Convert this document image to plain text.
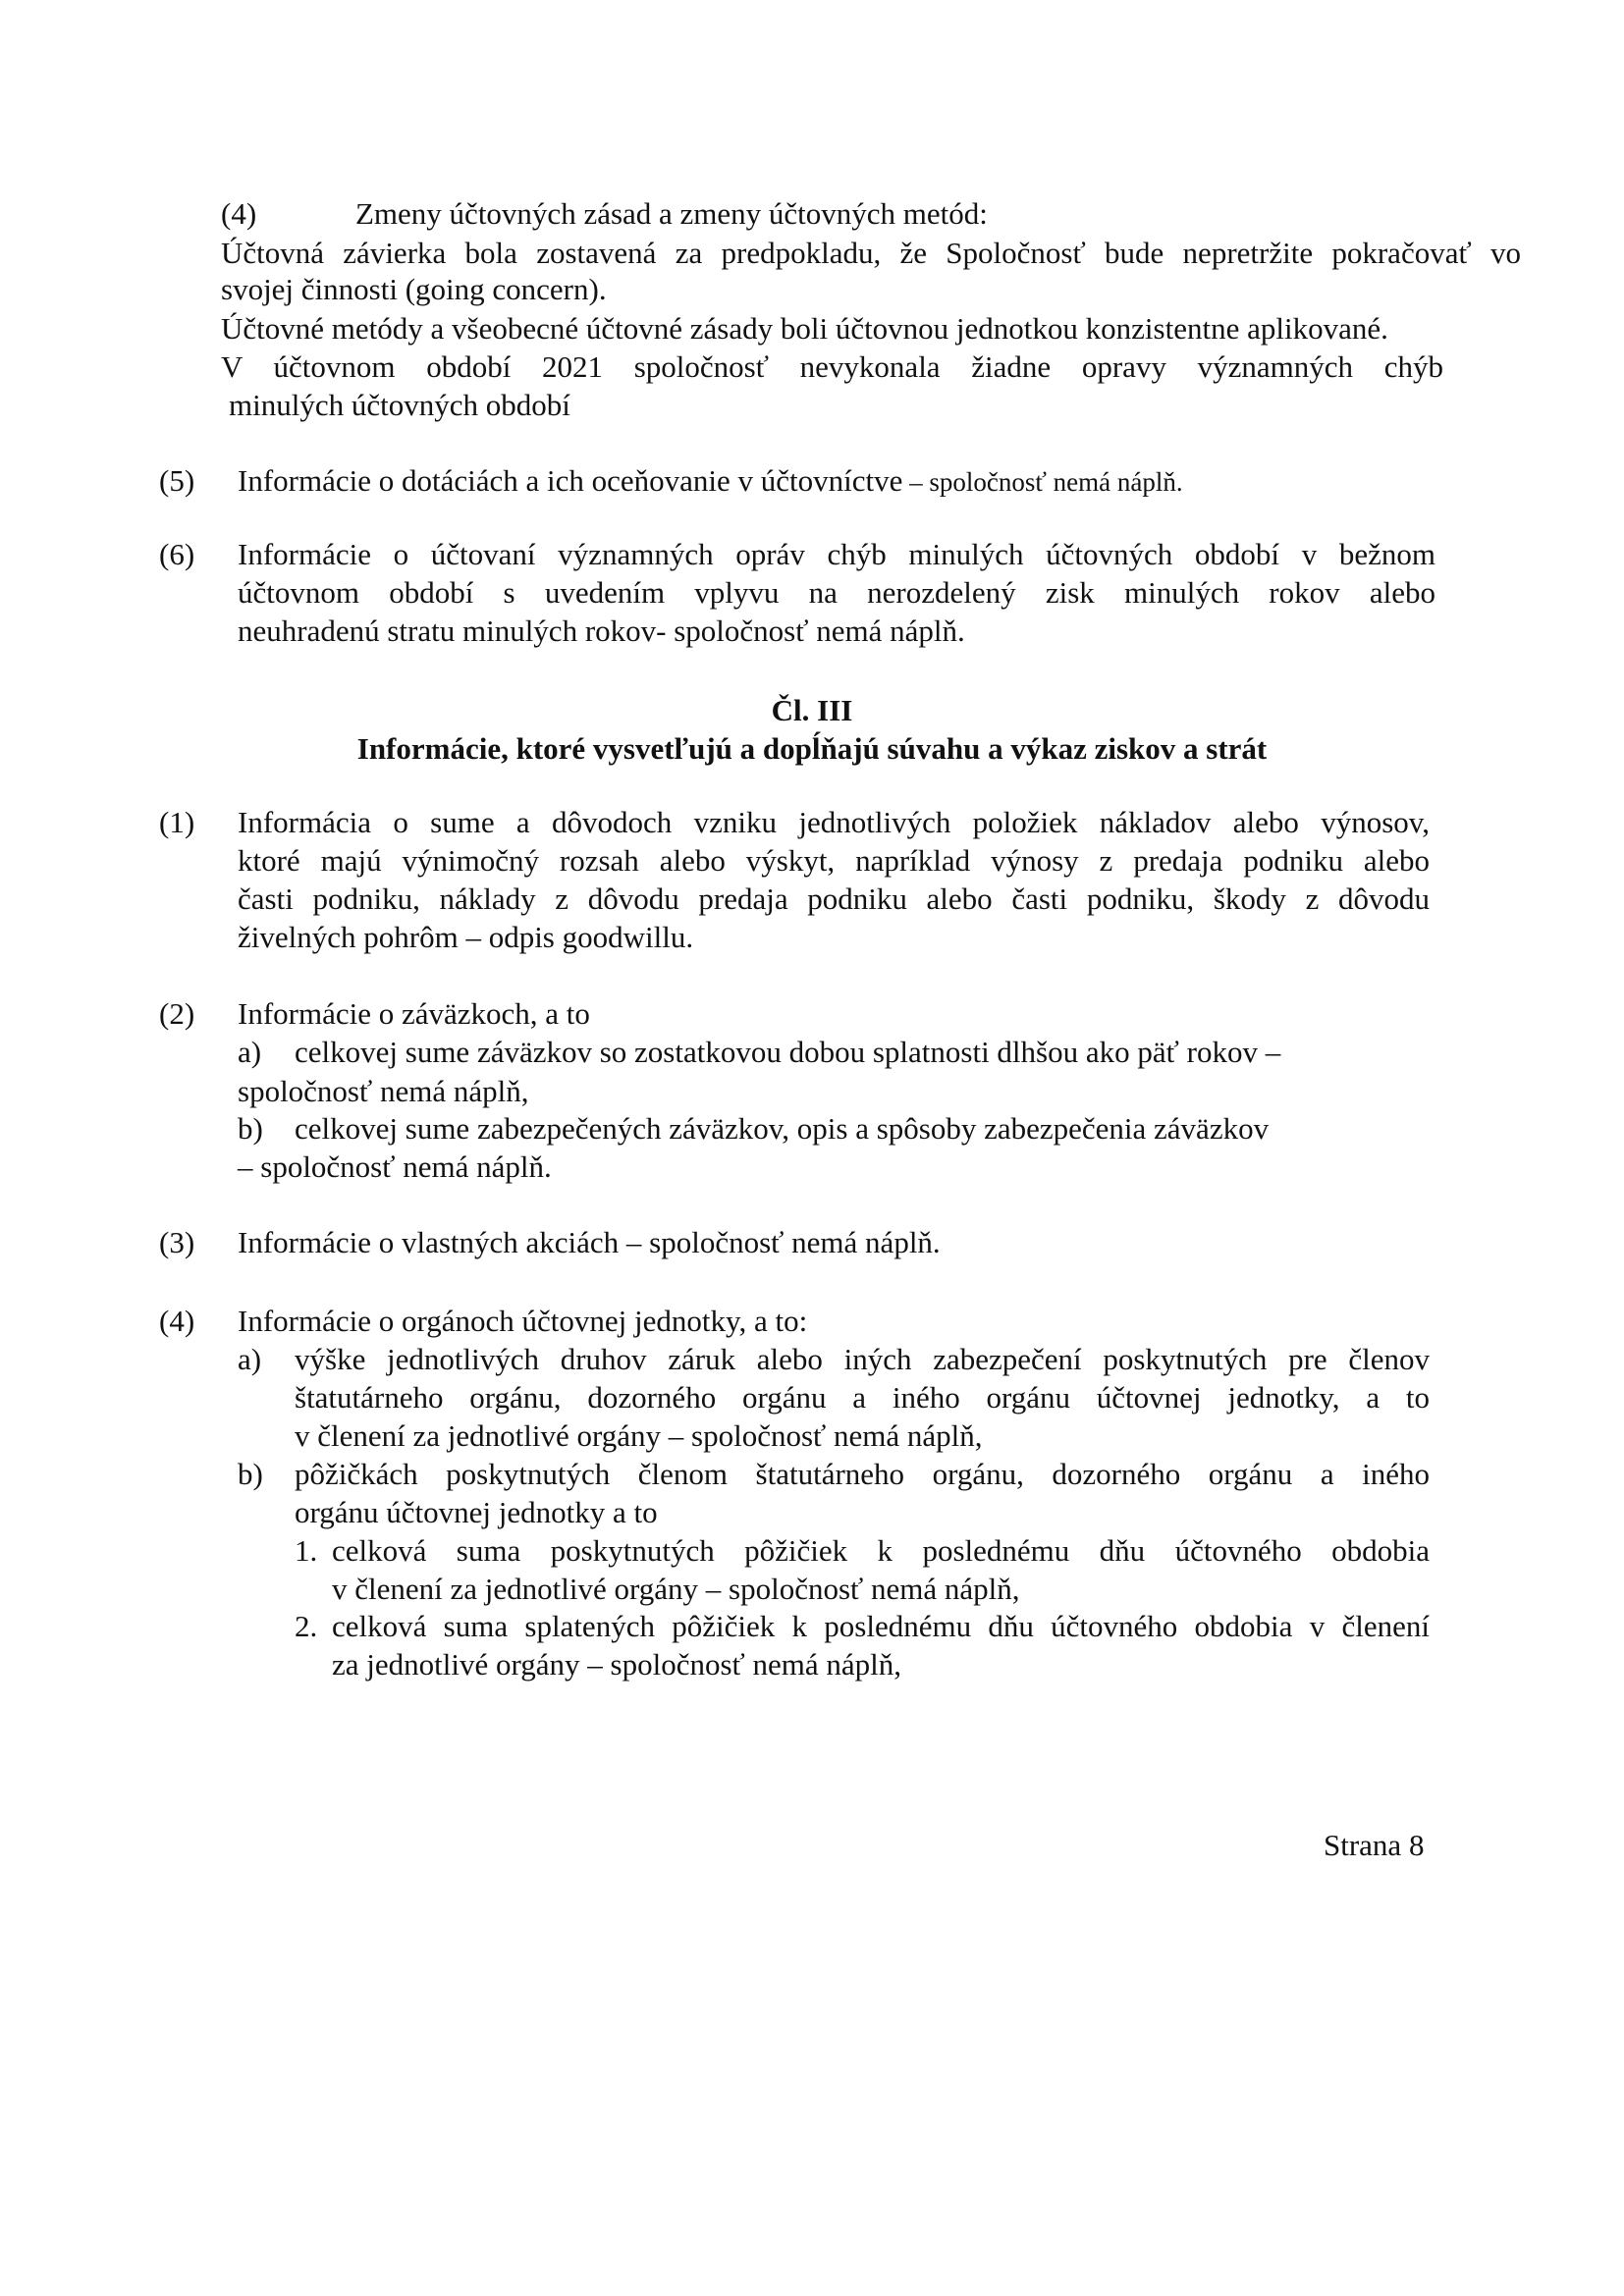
(4)	Zmeny účtovných zásad a zmeny účtovných metód:
Účtovná závierka bola zostavená za predpokladu, že Spoločnosť bude nepretržite pokračovať vo
svojej činnosti (going concern).
Účtovné metódy a všeobecné účtovné zásady boli účtovnou jednotkou konzistentne aplikované.
V účtovnom období 2021 spoločnosť nevykonala žiadne opravy významných chýb
minulých účtovných období
(5) Informácie o dotáciách a ich oceňovanie v účtovníctve – spoločnosť nemá náplň.
(6) Informácie o účtovaní významných opráv chýb minulých účtovných období v bežnom
účtovnom období s uvedením vplyvu na nerozdelený zisk minulých rokov alebo
neuhradenú stratu minulých rokov- spoločnosť nemá náplň.
Čl. III
Informácie, ktoré vysvetľujú a dopĺňajú súvahu a výkaz ziskov a strát
(1) Informácia o sume a dôvodoch vzniku jednotlivých položiek nákladov alebo výnosov,
ktoré majú výnimočný rozsah alebo výskyt, napríklad výnosy z predaja podniku alebo
časti podniku, náklady z dôvodu predaja podniku alebo časti podniku, škody z dôvodu
živelných pohrôm – odpis goodwillu.
(2) Informácie o záväzkoch, a to
a) celkovej sume záväzkov so zostatkovou dobou splatnosti dlhšou ako päť rokov –
spoločnosť nemá náplň,
b) celkovej sume zabezpečených záväzkov, opis a spôsoby zabezpečenia záväzkov
– spoločnosť nemá náplň.
(3) Informácie o vlastných akciách – spoločnosť nemá náplň.
(4) Informácie o orgánoch účtovnej jednotky, a to:
a) výške jednotlivých druhov záruk alebo iných zabezpečení poskytnutých pre členov
štatutárneho orgánu, dozorného orgánu a iného orgánu účtovnej jednotky, a to
v členení za jednotlivé orgány – spoločnosť nemá náplň,
b) pôžičkách poskytnutých členom štatutárneho orgánu, dozorného orgánu a iného
orgánu účtovnej jednotky a to
1. celková suma poskytnutých pôžičiek k poslednému dňu účtovného obdobia
v členení za jednotlivé orgány – spoločnosť nemá náplň,
2. celková suma splatených pôžičiek k poslednému dňu účtovného obdobia v členení
za jednotlivé orgány – spoločnosť nemá náplň,
Strana 8
